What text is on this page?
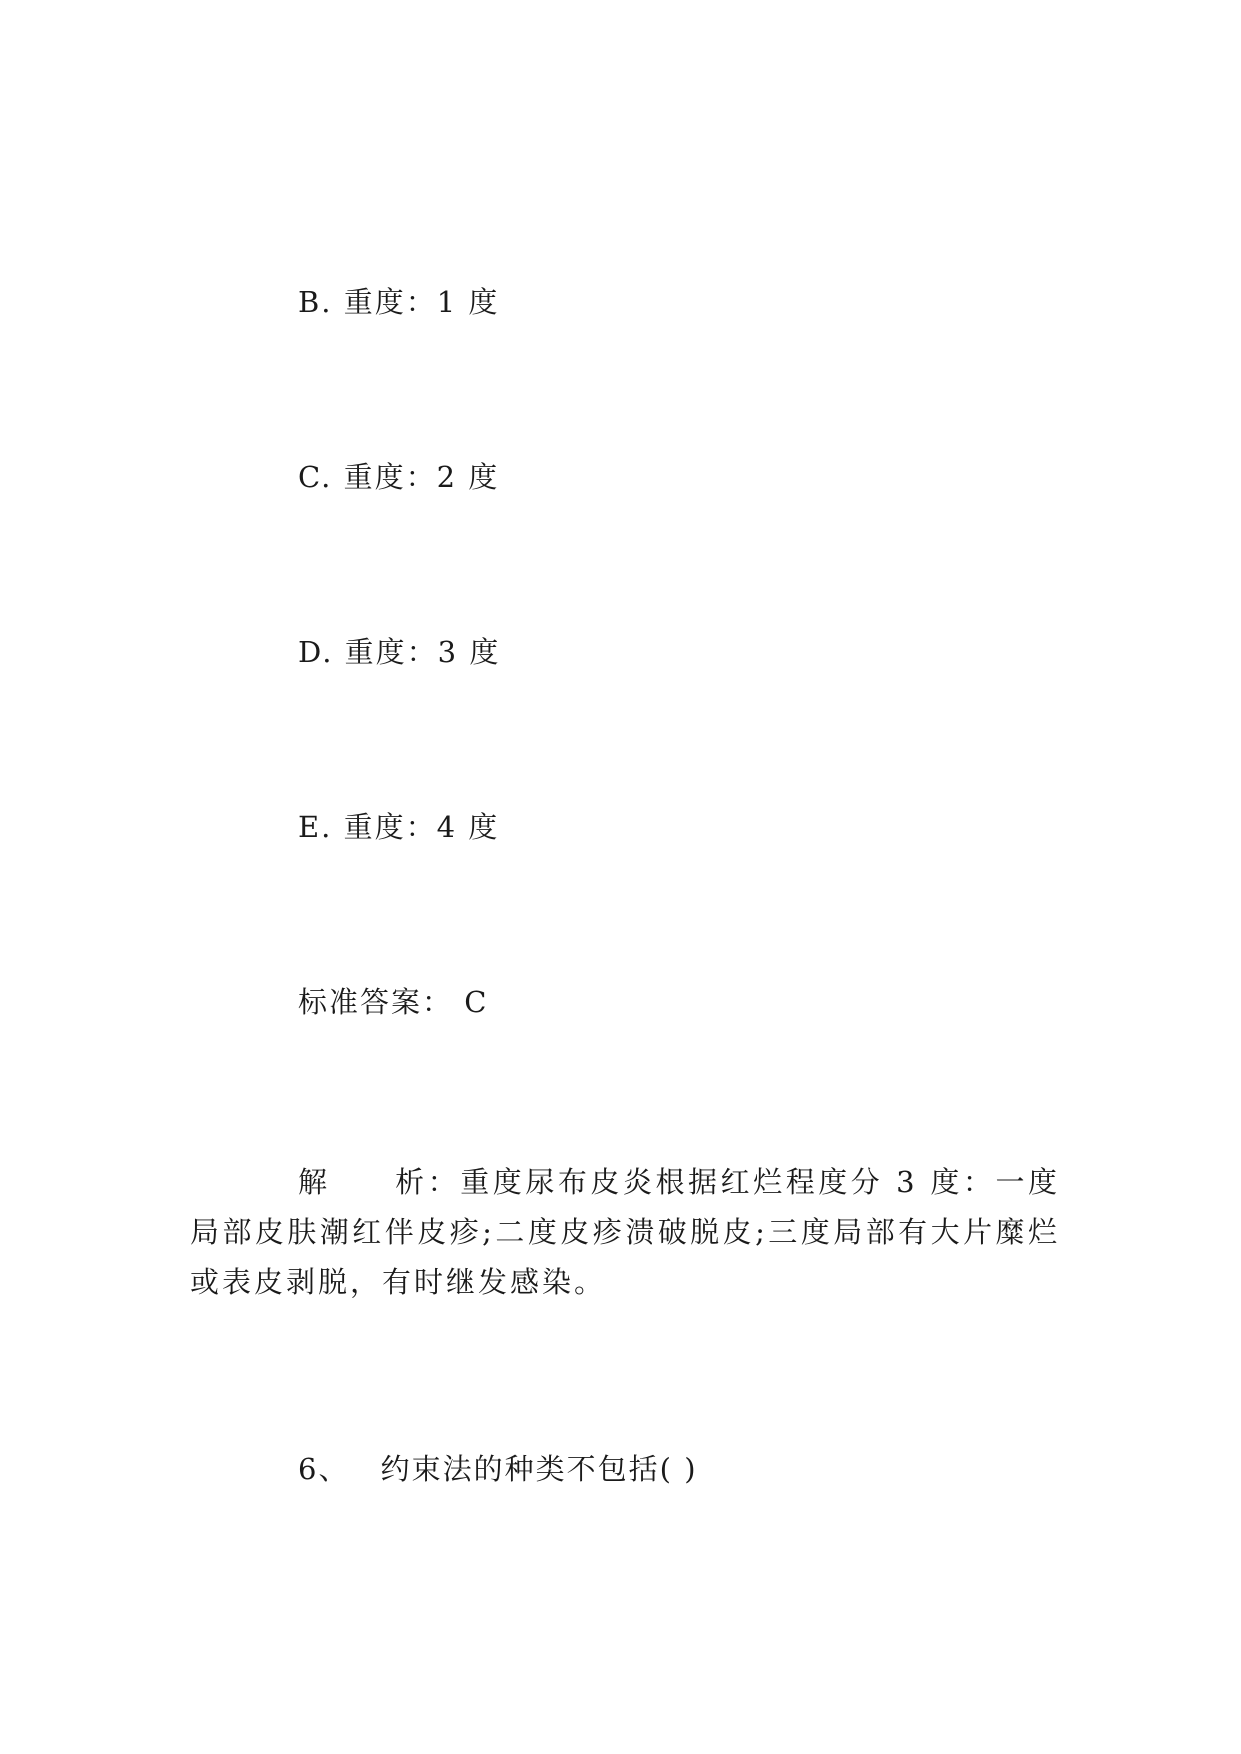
B. 重度：1 度
C. 重度：2 度
D. 重度：3 度
E. 重度：4 度
标准答案： C
解 析：重度尿布皮炎根据红烂程度分 3 度：一度局部皮肤潮红伴皮疹;二度皮疹溃破脱皮;三度局部有大片糜烂或表皮剥脱，有时继发感染。
6、 约束法的种类不包括( )
